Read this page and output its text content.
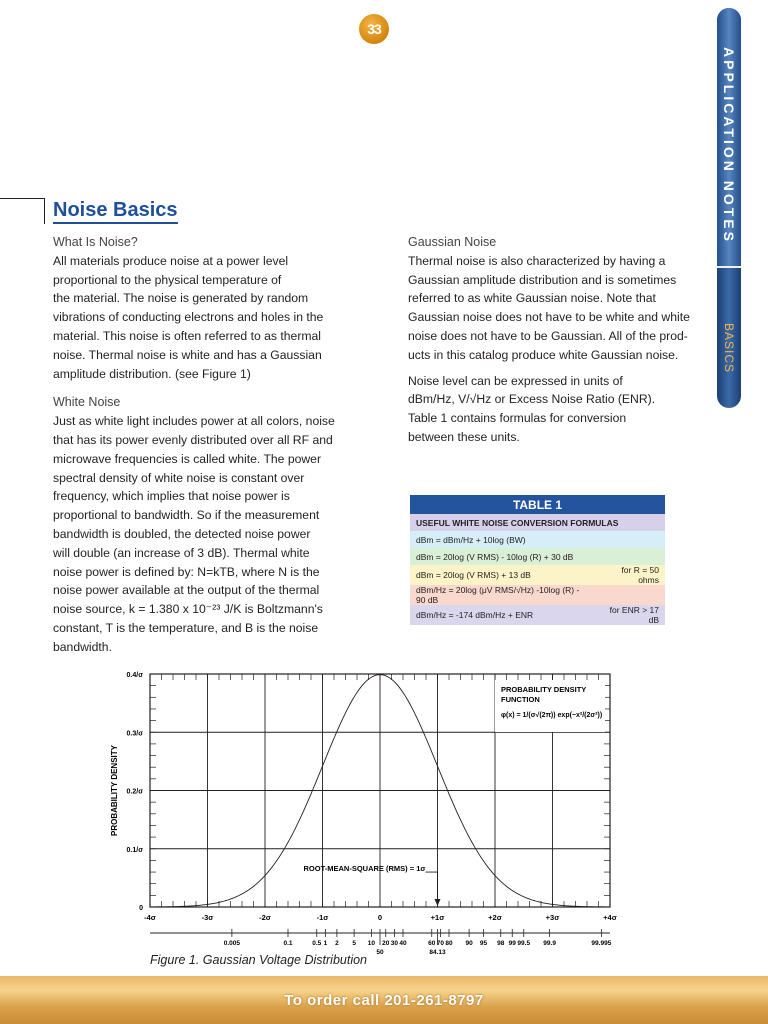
33
APPLICATION NOTES
BASICS
Noise Basics

What Is Noise?

All materials produce noise at a power level
proportional to the physical temperature of
the material. The noise is generated by random
vibrations of conducting electrons and holes in the
material. This noise is often referred to as thermal
noise. Thermal noise is white and has a Gaussian
amplitude distribution. (see Figure 1)

White Noise

Just as white light includes power at all colors, noise
that has its power evenly distributed over all RF and
microwave frequencies is called white. The power
spectral density of white noise is constant over
frequency, which implies that noise power is
proportional to bandwidth. So if the measurement
bandwidth is doubled, the detected noise power
will double (an increase of 3 dB). Thermal white
noise power is defined by: N=kTB, where N is the
noise power available at the output of the thermal
noise source, k = 1.380 x 10⁻²³ J/K is Boltzmann's
constant, T is the temperature, and B is the noise
bandwidth.

Gaussian Noise

Thermal noise is also characterized by having a
Gaussian amplitude distribution and is sometimes
referred to as white Gaussian noise. Note that
Gaussian noise does not have to be white and white
noise does not have to be Gaussian. All of the prod-
ucts in this catalog produce white Gaussian noise.
Noise level can be expressed in units of
dBm/Hz, V/√Hz or Excess Noise Ratio (ENR).
Table 1 contains formulas for conversion
between these units.
TABLE 1	
USEFUL WHITE NOISE CONVERSION FORMULAS	
dBm = dBm/Hz + 10log (BW)	
dBm = 20log (V RMS) - 10log (R) + 30 dB	
dBm = 20log (V RMS) + 13 dB	for R = 50 ohms
dBm/Hz = 20log (μV RMS/√Hz) -10log (R) - 90 dB	
dBm/Hz = -174 dBm/Hz + ENR	for ENR > 17 dB
-4σ	-3σ	-2σ	-1σ	0	+1σ	+2σ	+3σ	+4σ
0
0.1/σ
0.2/σ
0.3/σ
0.4/σ
PROBABILITY DENSITY
PROBABILITY DENSITY
FUNCTION
φ(x) = 1/(σ√(2π)) exp(−x²/(2σ²))
ROOT-MEAN-SQUARE (RMS) = 1σ
0.005	0.1	0.5 1 2 5 10 20 30 40	60 70 80 90 95 98 99 99.5 99.9	99.995
50	84.13
Figure 1. Gaussian Voltage Distribution
To order call 201-261-8797
